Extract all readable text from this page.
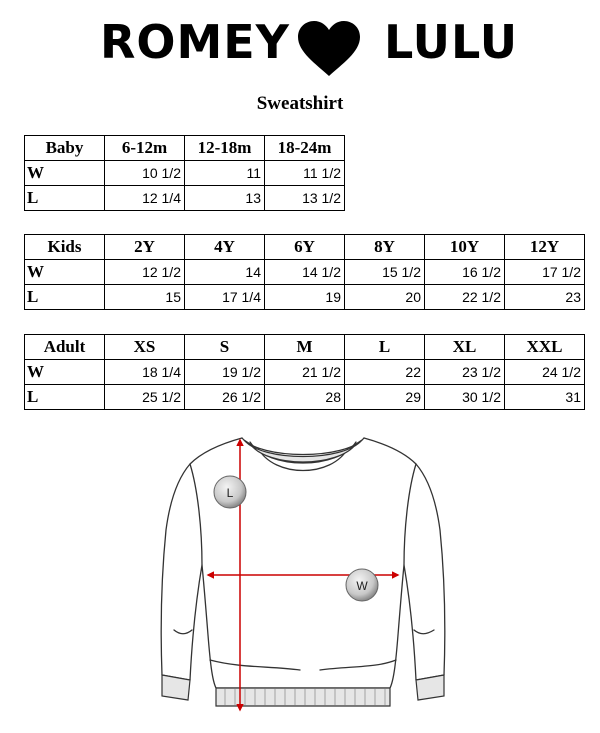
ROMEY LULU
Sweatshirt
Baby	6-12m	12-18m	18-24m
W	10 1/2	11	11 1/2
L	12 1/4	13	13 1/2
Kids	2Y	4Y	6Y	8Y	10Y	12Y
W	12 1/2	14	14 1/2	15 1/2	16 1/2	17 1/2
L	15	17 1/4	19	20	22 1/2	23
Adult	XS	S	M	L	XL	XXL
W	18 1/4	19 1/2	21 1/2	22	23 1/2	24 1/2
L	25 1/2	26 1/2	28	29	30 1/2	31
L
W
